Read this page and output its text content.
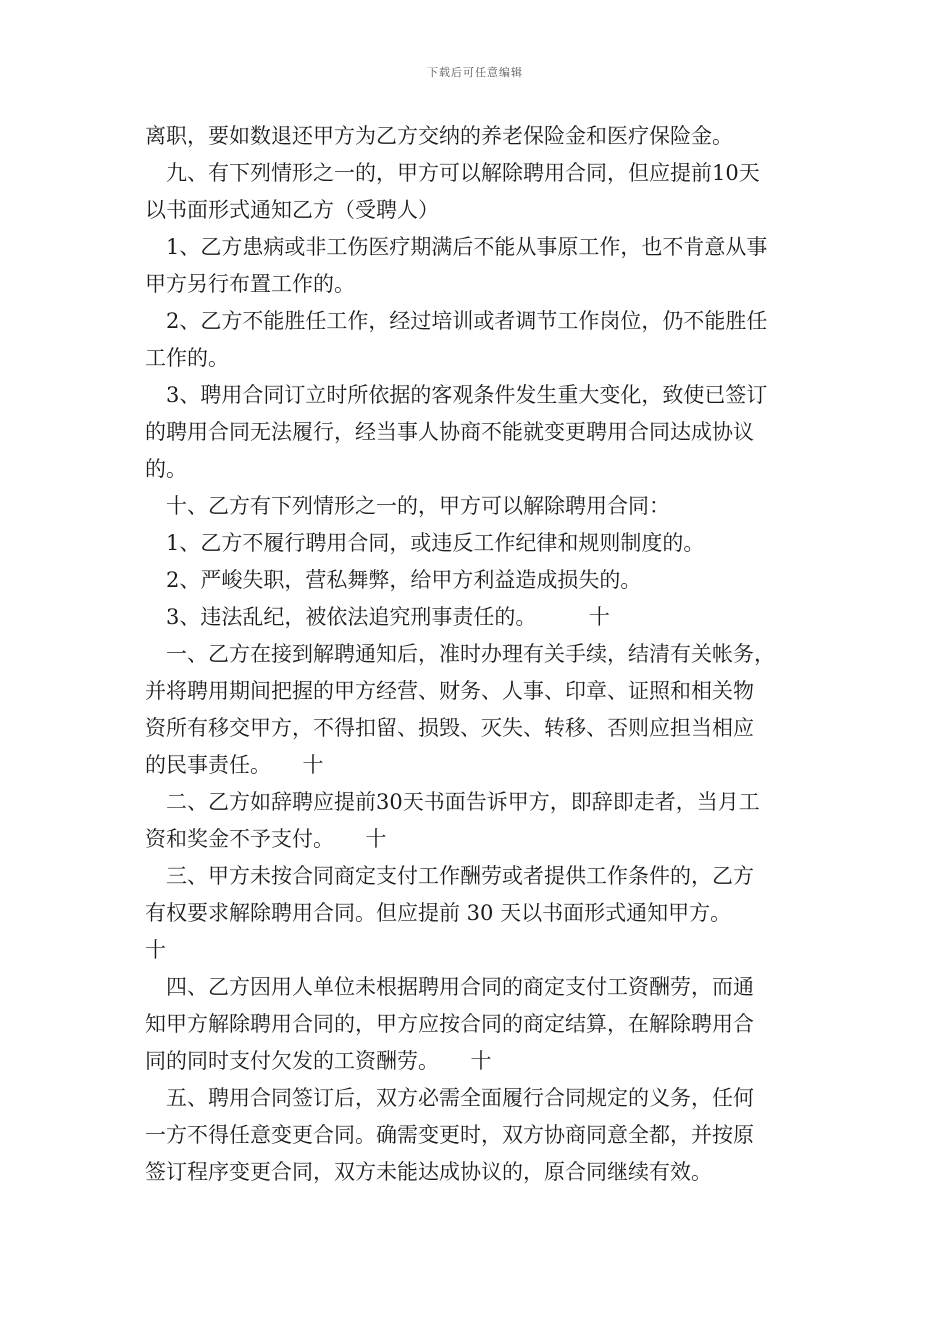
下载后可任意编辑
离职，要如数退还甲方为乙方交纳的养老保险金和医疗保险金。
　九、有下列情形之一的，甲方可以解除聘用合同，但应提前10天
以书面形式通知乙方（受聘人）
　1、乙方患病或非工伤医疗期满后不能从事原工作，也不肯意从事
甲方另行布置工作的。
　2、乙方不能胜任工作，经过培训或者调节工作岗位，仍不能胜任
工作的。
　3、聘用合同订立时所依据的客观条件发生重大变化，致使已签订
的聘用合同无法履行，经当事人协商不能就变更聘用合同达成协议
的。
　十、乙方有下列情形之一的，甲方可以解除聘用合同：
　1、乙方不履行聘用合同，或违反工作纪律和规则制度的。
　2、严峻失职，营私舞弊，给甲方利益造成损失的。
　3、违法乱纪，被依法追究刑事责任的。　　　十
　一、乙方在接到解聘通知后，准时办理有关手续，结清有关帐务，
并将聘用期间把握的甲方经营、财务、人事、印章、证照和相关物
资所有移交甲方，不得扣留、损毁、灭失、转移、否则应担当相应
的民事责任。　　十
　二、乙方如辞聘应提前30天书面告诉甲方，即辞即走者，当月工
资和奖金不予支付。　　十
　三、甲方未按合同商定支付工作酬劳或者提供工作条件的，乙方
有权要求解除聘用合同。但应提前 30 天以书面形式通知甲方。
十
　四、乙方因用人单位未根据聘用合同的商定支付工资酬劳，而通
知甲方解除聘用合同的，甲方应按合同的商定结算，在解除聘用合
同的同时支付欠发的工资酬劳。　　十
　五、聘用合同签订后，双方必需全面履行合同规定的义务，任何
一方不得任意变更合同。确需变更时，双方协商同意全都，并按原
签订程序变更合同，双方未能达成协议的，原合同继续有效。
